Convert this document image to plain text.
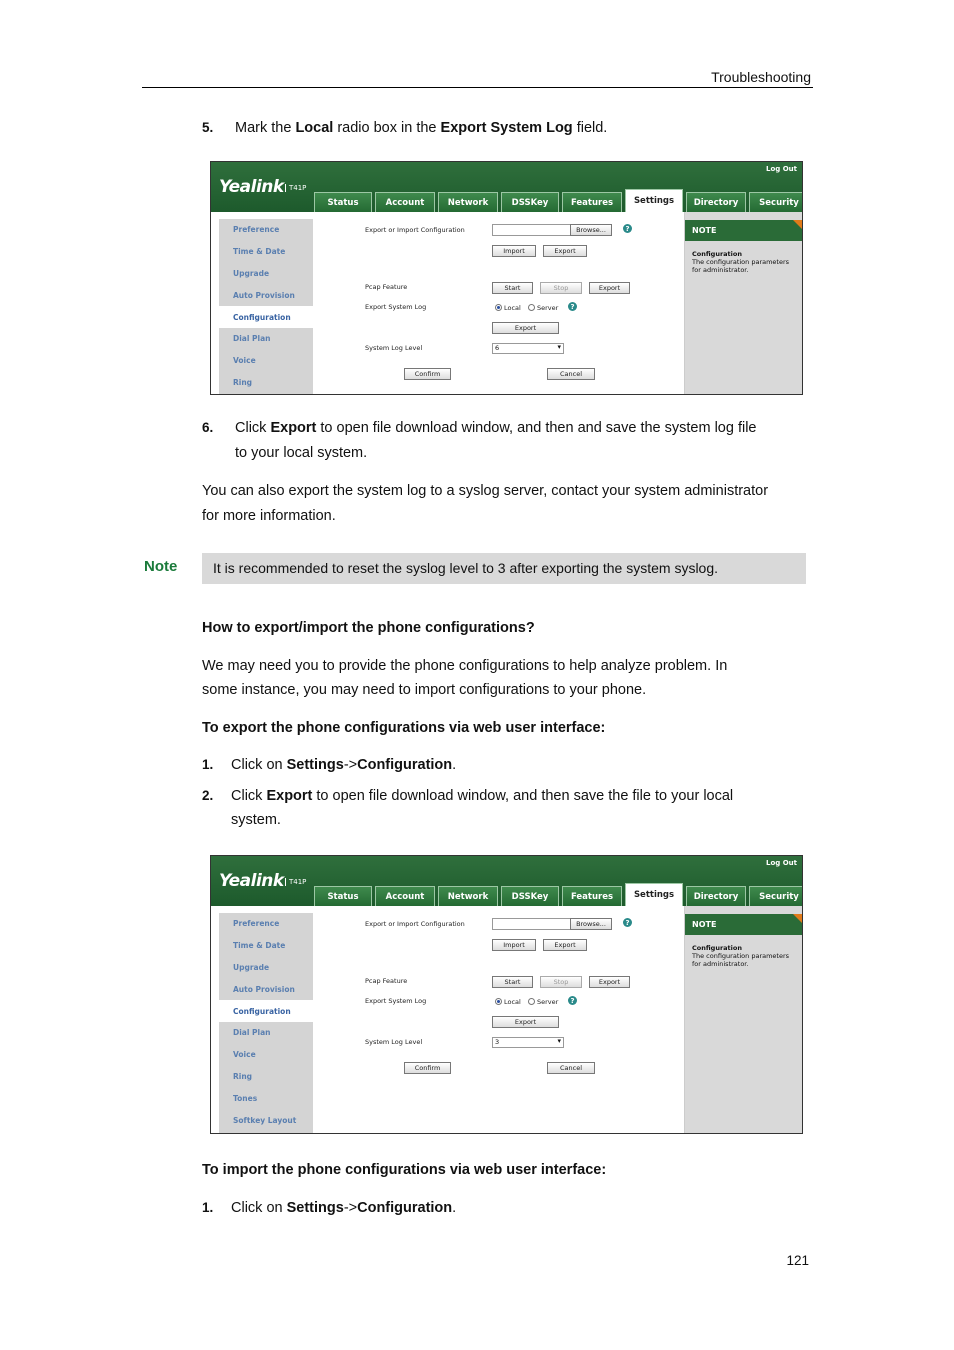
Troubleshooting
5. Mark the Local radio box in the Export System Log field.
Yealink T41P
Log Out
Status	Account	Network	DSSKey	Features	Settings	Directory	Security
Preference
Time & Date
Upgrade
Auto Provision
Configuration
Dial Plan
Voice
Ring
Export or Import Configuration	Browse...	?
Import	Export
Pcap Feature	Start	Stop	Export
Export System Log	Local Server	?
Export
System Log Level	6 ▾
Confirm	Cancel
NOTE
Configuration
The configuration parameters
for administrator.
6. Click Export to open file download window, and then and save the system log file
to your local system.
You can also export the system log to a syslog server, contact your system administrator
for more information.
Note	It is recommended to reset the syslog level to 3 after exporting the system syslog.
How to export/import the phone configurations?
We may need you to provide the phone configurations to help analyze problem. In
some instance, you may need to import configurations to your phone.
To export the phone configurations via web user interface:
1. Click on Settings->Configuration.
2. Click Export to open file download window, and then save the file to your local
system.
Yealink T41P
Log Out
Status	Account	Network	DSSKey	Features	Settings	Directory	Security
Preference
Time & Date
Upgrade
Auto Provision
Configuration
Dial Plan
Voice
Ring
Tones
Softkey Layout
Export or Import Configuration	Browse...	?
Import	Export
Pcap Feature	Start	Stop	Export
Export System Log	Local Server	?
Export
System Log Level	3 ▾
Confirm	Cancel
NOTE
Configuration
The configuration parameters
for administrator.
To import the phone configurations via web user interface:
1. Click on Settings->Configuration.
121
